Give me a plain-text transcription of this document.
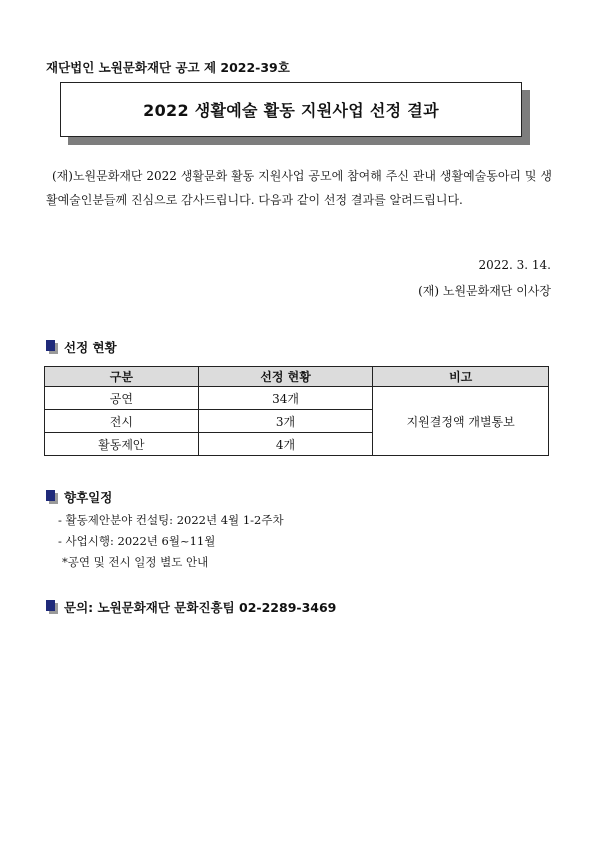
재단법인 노원문화재단 공고 제 2022-39호
2022 생활예술 활동 지원사업 선정 결과

(재)노원문화재단 2022 생활문화 활동 지원사업 공모에 참여해 주신 관내 생활예술동아리 및 생활예술인분들께 진심으로 감사드립니다. 다음과 같이 선정 결과를 알려드립니다.

2022. 3. 14.
(재) 노원문화재단 이사장
선정 현황
구분	선정 현황	비고
공연	34개	지원결정액 개별통보
전시	3개	
활동제안	4개	
향후일정
- 활동제안분야 컨설팅: 2022년 4월 1-2주차
- 사업시행: 2022년 6월~11월
*공연 및 전시 일정 별도 안내
문의: 노원문화재단 문화진흥팀 02-2289-3469
